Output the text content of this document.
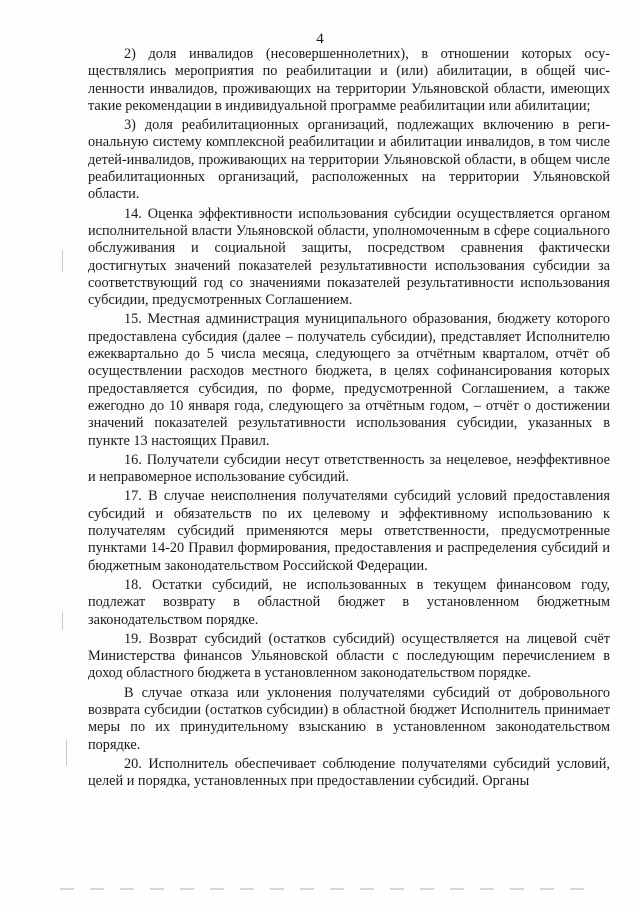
4

2) доля инвалидов (несовершеннолетних), в отношении которых осуществлялись мероприятия по реабилитации и (или) абилитации, в общей численности инвалидов, проживающих на территории Ульяновской области, имеющих такие рекомендации в индивидуальной программе реабилитации или абилитации;

3) доля реабилитационных организаций, подлежащих включению в региональную систему комплексной реабилитации и абилитации инвалидов, в том числе детей-инвалидов, проживающих на территории Ульяновской области, в общем числе реабилитационных организаций, расположенных на территории Ульяновской области.

14. Оценка эффективности использования субсидии осуществляется органом исполнительной власти Ульяновской области, уполномоченным в сфере социального обслуживания и социальной защиты, посредством сравнения фактически достигнутых значений показателей результативности использования субсидии за соответствующий год со значениями показателей результативности использования субсидии, предусмотренных Соглашением.

15. Местная администрация муниципального образования, бюджету которого предоставлена субсидия (далее – получатель субсидии), представляет Исполнителю ежеквартально до 5 числа месяца, следующего за отчётным кварталом, отчёт об осуществлении расходов местного бюджета, в целях софинансирования которых предоставляется субсидия, по форме, предусмотренной Соглашением, а также ежегодно до 10 января года, следующего за отчётным годом, – отчёт о достижении значений показателей результативности использования субсидии, указанных в пункте 13 настоящих Правил.

16. Получатели субсидии несут ответственность за нецелевое, неэффективное и неправомерное использование субсидий.

17. В случае неисполнения получателями субсидий условий предоставления субсидий и обязательств по их целевому и эффективному использованию к получателям субсидий применяются меры ответственности, предусмотренные пунктами 14-20 Правил формирования, предоставления и распределения субсидий и бюджетным законодательством Российской Федерации.

18. Остатки субсидий, не использованных в текущем финансовом году, подлежат возврату в областной бюджет в установленном бюджетным законодательством порядке.

19. Возврат субсидий (остатков субсидий) осуществляется на лицевой счёт Министерства финансов Ульяновской области с последующим перечислением в доход областного бюджета в установленном законодательством порядке.

В случае отказа или уклонения получателями субсидий от добровольного возврата субсидии (остатков субсидии) в областной бюджет Исполнитель принимает меры по их принудительному взысканию в установленном законодательством порядке.

20. Исполнитель обеспечивает соблюдение получателями субсидий условий, целей и порядка, установленных при предоставлении субсидий. Органы
